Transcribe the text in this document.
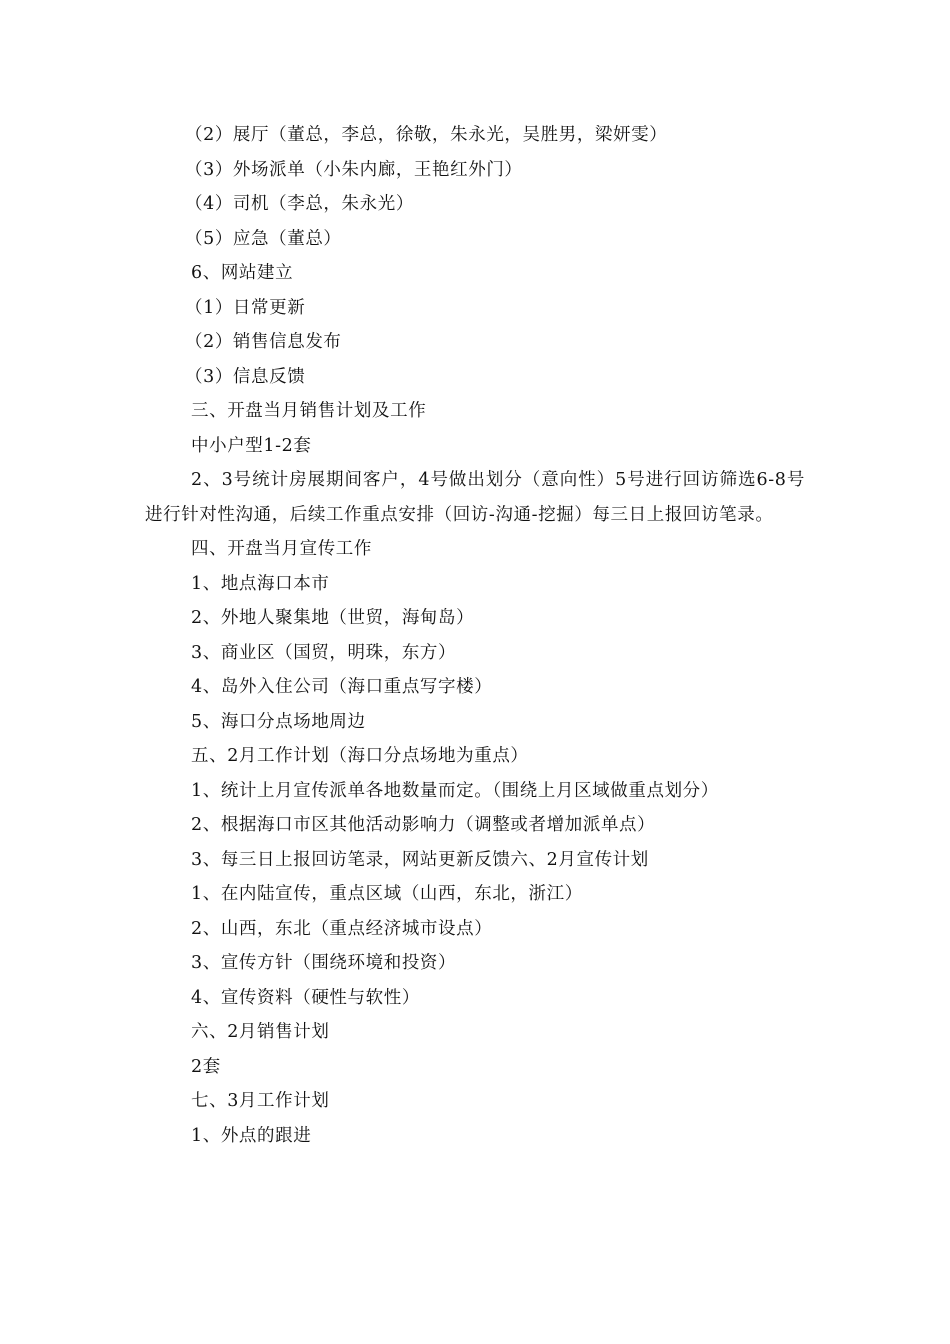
（2）展厅（董总，李总，徐敬，朱永光，吴胜男，梁妍雯）
（3）外场派单（小朱内廊，王艳红外门）
（4）司机（李总，朱永光）
（5）应急（董总）
6、网站建立
（1）日常更新
（2）销售信息发布
（3）信息反馈
三、开盘当月销售计划及工作
中小户型1-2套
2、3号统计房展期间客户，4号做出划分（意向性）5号进行回访筛选6-8号进行针对性沟通，后续工作重点安排（回访-沟通-挖掘）每三日上报回访笔录。
四、开盘当月宣传工作
1、地点海口本市
2、外地人聚集地（世贸，海甸岛）
3、商业区（国贸，明珠，东方）
4、岛外入住公司（海口重点写字楼）
5、海口分点场地周边
五、2月工作计划（海口分点场地为重点）
1、统计上月宣传派单各地数量而定。（围绕上月区域做重点划分）
2、根据海口市区其他活动影响力（调整或者增加派单点）
3、每三日上报回访笔录，网站更新反馈六、2月宣传计划
1、在内陆宣传，重点区域（山西，东北，浙江）
2、山西，东北（重点经济城市设点）
3、宣传方针（围绕环境和投资）
4、宣传资料（硬性与软性）
六、2月销售计划
2套
七、3月工作计划
1、外点的跟进
